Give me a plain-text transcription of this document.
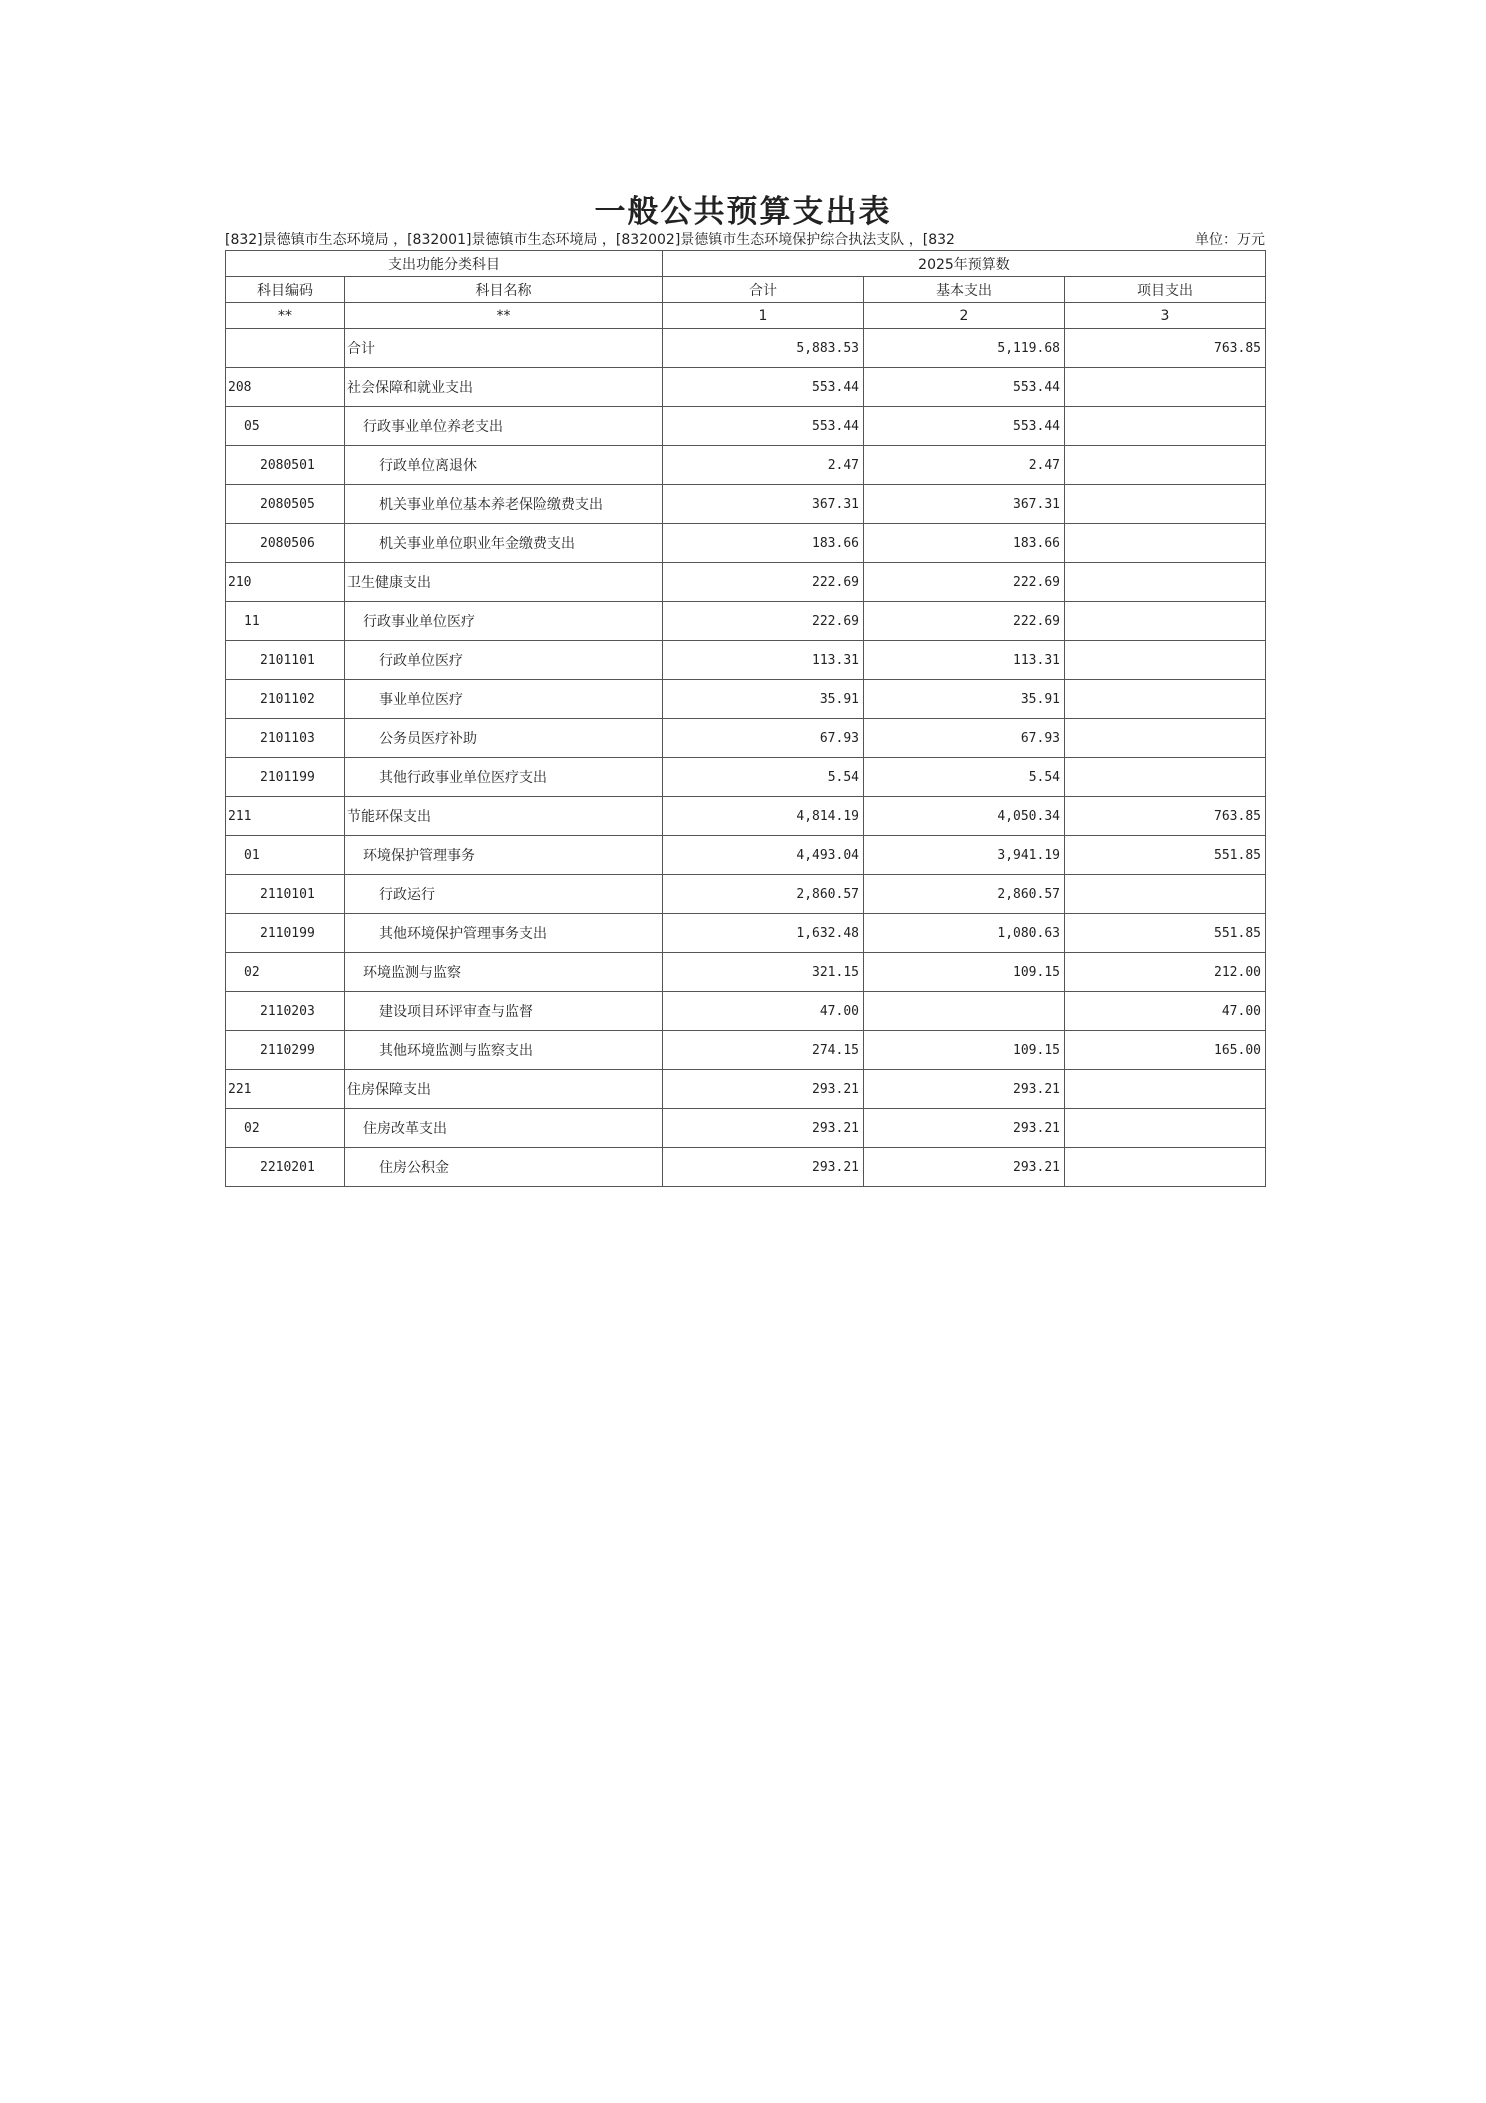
一般公共预算支出表
[832]景德镇市生态环境局 ，[832001]景德镇市生态环境局 ，[832002]景德镇市生态环境保护综合执法支队 ，[832	单位：万元
支出功能分类科目		2025年预算数		
科目编码	科目名称	合计	基本支出	项目支出
**	**	1	2	3
	合计	5,883.53	5,119.68	763.85
208	社会保障和就业支出	553.44	553.44	
05	行政事业单位养老支出	553.44	553.44	
2080501	行政单位离退休	2.47	2.47	
2080505	机关事业单位基本养老保险缴费支出	367.31	367.31	
2080506	机关事业单位职业年金缴费支出	183.66	183.66	
210	卫生健康支出	222.69	222.69	
11	行政事业单位医疗	222.69	222.69	
2101101	行政单位医疗	113.31	113.31	
2101102	事业单位医疗	35.91	35.91	
2101103	公务员医疗补助	67.93	67.93	
2101199	其他行政事业单位医疗支出	5.54	5.54	
211	节能环保支出	4,814.19	4,050.34	763.85
01	环境保护管理事务	4,493.04	3,941.19	551.85
2110101	行政运行	2,860.57	2,860.57	
2110199	其他环境保护管理事务支出	1,632.48	1,080.63	551.85
02	环境监测与监察	321.15	109.15	212.00
2110203	建设项目环评审查与监督	47.00		47.00
2110299	其他环境监测与监察支出	274.15	109.15	165.00
221	住房保障支出	293.21	293.21	
02	住房改革支出	293.21	293.21	
2210201	住房公积金	293.21	293.21	
